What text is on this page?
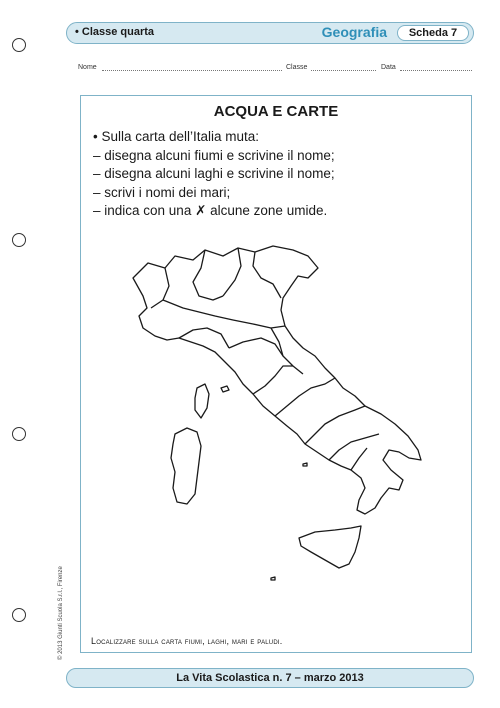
• Classe quarta	Geografia	Scheda 7
Nome	Classe	Data
ACQUA E CARTE
• Sulla carta dell’Italia muta:
– disegna alcuni fiumi e scrivine il nome;
– disegna alcuni laghi e scrivine il nome;
– scrivi i nomi dei mari;
– indica con una ✗ alcune zone umide.
Localizzare sulla carta fiumi, laghi, mari e paludi.
© 2013 Giunti Scuola S.r.l., Firenze
La Vita Scolastica n. 7 – marzo 2013
